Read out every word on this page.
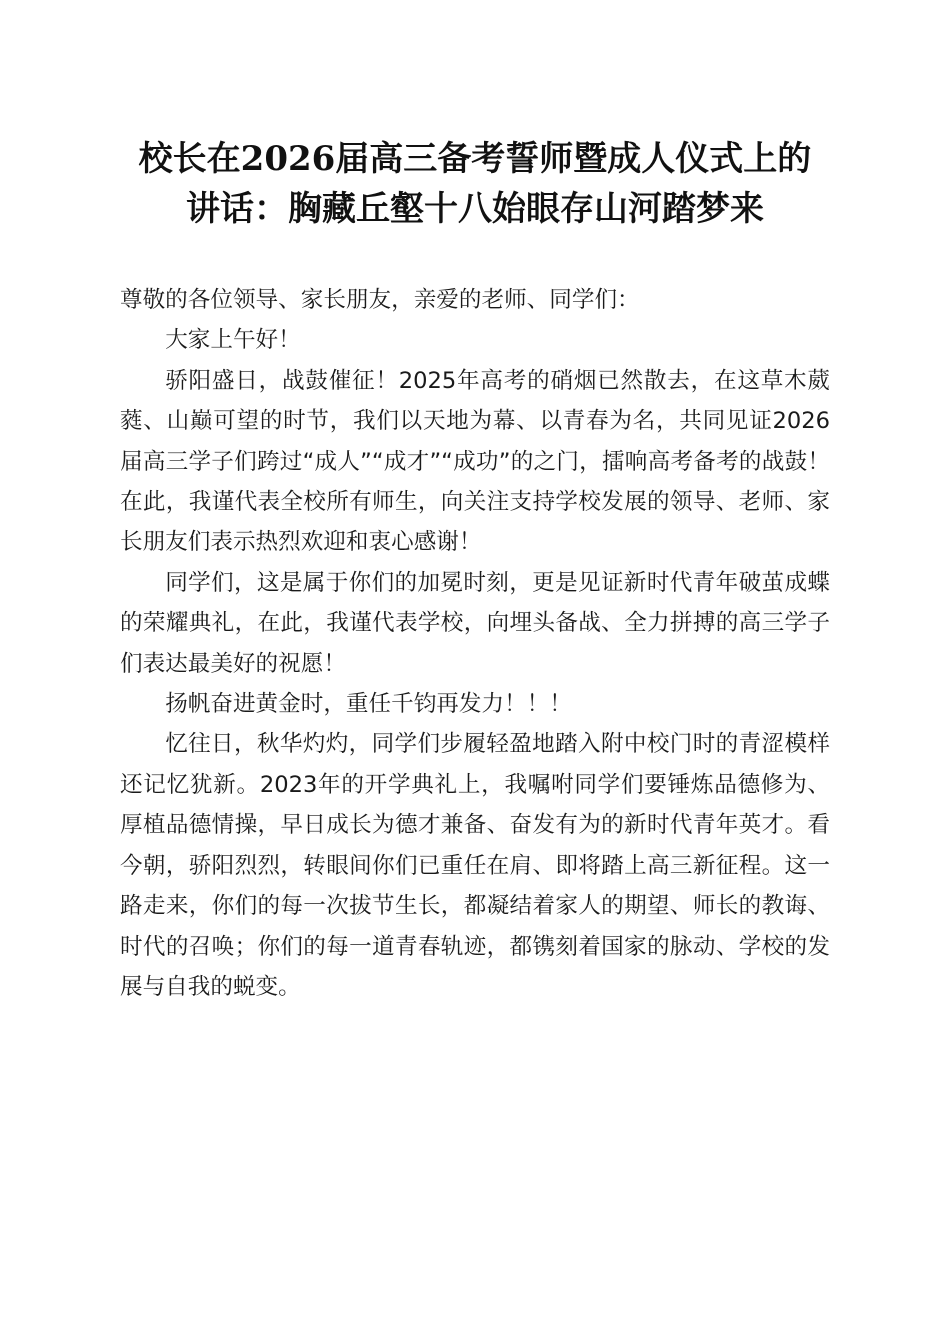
校长在2026届高三备考誓师暨成人仪式上的
讲话：胸藏丘壑十八始眼存山河踏梦来

尊敬的各位领导、家长朋友，亲爱的老师、同学们：

大家上午好！

骄阳盛日，战鼓催征！2025年高考的硝烟已然散去，在这草木葳蕤、山巅可望的时节，我们以天地为幕、以青春为名，共同见证2026届高三学子们跨过“成人”“成才”“成功”的之门，擂响高考备考的战鼓！在此，我谨代表全校所有师生，向关注支持学校发展的领导、老师、家长朋友们表示热烈欢迎和衷心感谢！

同学们，这是属于你们的加冕时刻，更是见证新时代青年破茧成蝶的荣耀典礼，在此，我谨代表学校，向埋头备战、全力拼搏的高三学子们表达最美好的祝愿！

扬帆奋进黄金时，重任千钧再发力！！！

忆往日，秋华灼灼，同学们步履轻盈地踏入附中校门时的青涩模样还记忆犹新。2023年的开学典礼上，我嘱咐同学们要锤炼品德修为、厚植品德情操，早日成长为德才兼备、奋发有为的新时代青年英才。看今朝，骄阳烈烈，转眼间你们已重任在肩、即将踏上高三新征程。这一路走来，你们的每一次拔节生长，都凝结着家人的期望、师长的教诲、时代的召唤；你们的每一道青春轨迹，都镌刻着国家的脉动、学校的发展与自我的蜕变。
